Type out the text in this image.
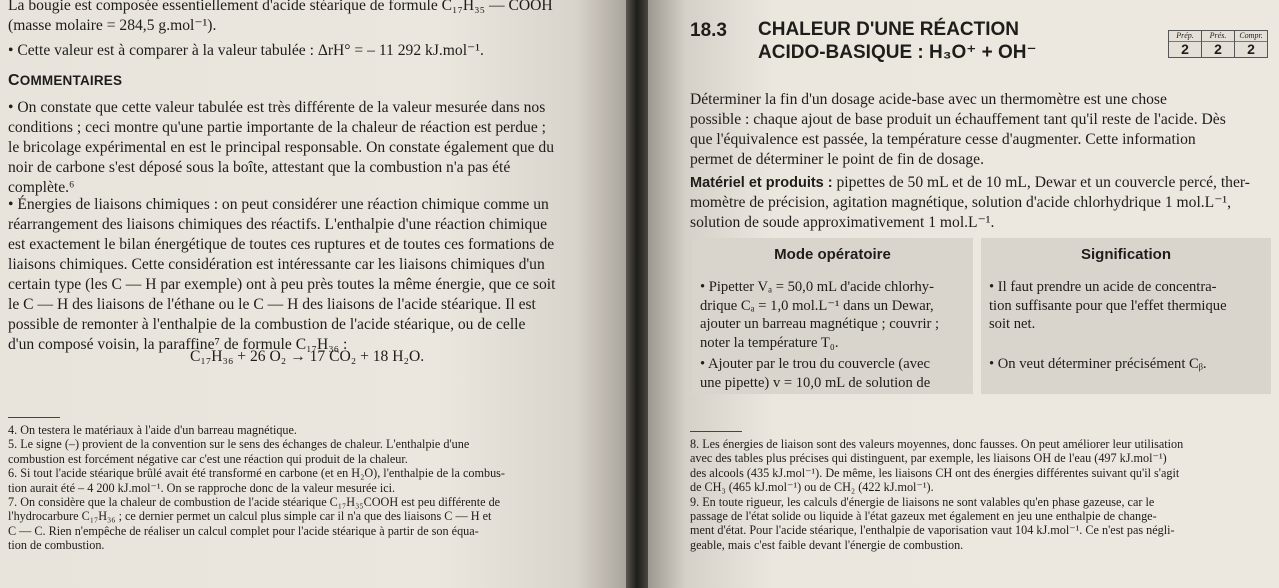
La bougie est composée essentiellement d'acide stéarique de formule C₁₇H₃₅ — COOH
(masse molaire = 284,5 g.mol⁻¹).
• Cette valeur est à comparer à la valeur tabulée : ΔrH° = – 11 292 kJ.mol⁻¹.
COMMENTAIRES
• On constate que cette valeur tabulée est très différente de la valeur mesurée dans nos
conditions ; ceci montre qu'une partie importante de la chaleur de réaction est perdue ;
le bricolage expérimental en est le principal responsable. On constate également que du
noir de carbone s'est déposé sous la boîte, attestant que la combustion n'a pas été
complète.⁶
• Énergies de liaisons chimiques : on peut considérer une réaction chimique comme un
réarrangement des liaisons chimiques des réactifs. L'enthalpie d'une réaction chimique
est exactement le bilan énergétique de toutes ces ruptures et de toutes ces formations de
liaisons chimiques. Cette considération est intéressante car les liaisons chimiques d'un
certain type (les C — H par exemple) ont à peu près toutes la même énergie, que ce soit
le C — H des liaisons de l'éthane ou le C — H des liaisons de l'acide stéarique. Il est
possible de remonter à l'enthalpie de la combustion de l'acide stéarique, ou de celle
d'un composé voisin, la paraffine⁷ de formule C₁₇H₃₆ :
C₁₇H₃₆ + 26 O₂ → 17 CO₂ + 18 H₂O.
4. On testera le matériaux à l'aide d'un barreau magnétique.
5. Le signe (–) provient de la convention sur le sens des échanges de chaleur. L'enthalpie d'une
combustion est forcément négative car c'est une réaction qui produit de la chaleur.
6. Si tout l'acide stéarique brûlé avait été transformé en carbone (et en H₂O), l'enthalpie de la combus-
tion aurait été – 4 200 kJ.mol⁻¹. On se rapproche donc de la valeur mesurée ici.
7. On considère que la chaleur de combustion de l'acide stéarique C₁₇H₃₅COOH est peu différente de
l'hydrocarbure C₁₇H₃₆ ; ce dernier permet un calcul plus simple car il n'a que des liaisons C — H et
C — C. Rien n'empêche de réaliser un calcul complet pour l'acide stéarique à partir de son équa-
tion de combustion.
18.3 CHALEUR D'UNE RÉACTION
ACIDO-BASIQUE : H₃O⁺ + OH⁻
Prép.
2
Prés.
2
Compr.
2
Déterminer la fin d'un dosage acide-base avec un thermomètre est une chose
possible : chaque ajout de base produit un échauffement tant qu'il reste de l'acide. Dès
que l'équivalence est passée, la température cesse d'augmenter. Cette information
permet de déterminer le point de fin de dosage.
Matériel et produits : pipettes de 50 mL et de 10 mL, Dewar et un couvercle percé, ther-
momètre de précision, agitation magnétique, solution d'acide chlorhydrique 1 mol.L⁻¹,
solution de soude approximativement 1 mol.L⁻¹.
Mode opératoire	Signification
• Pipetter Vₐ = 50,0 mL d'acide chlorhy-
drique Cₐ = 1,0 mol.L⁻¹ dans un Dewar,
ajouter un barreau magnétique ; couvrir ;
noter la température T₀.
• Il faut prendre un acide de concentra-
tion suffisante pour que l'effet thermique
soit net.
• Ajouter par le trou du couvercle (avec
une pipette) v = 10,0 mL de solution de
• On veut déterminer précisément Cᵦ.
8. Les énergies de liaison sont des valeurs moyennes, donc fausses. On peut améliorer leur utilisation
avec des tables plus précises qui distinguent, par exemple, les liaisons OH de l'eau (497 kJ.mol⁻¹)
des alcools (435 kJ.mol⁻¹). De même, les liaisons CH ont des énergies différentes suivant qu'il s'agit
de CH₃ (465 kJ.mol⁻¹) ou de CH₂ (422 kJ.mol⁻¹).
9. En toute rigueur, les calculs d'énergie de liaisons ne sont valables qu'en phase gazeuse, car le
passage de l'état solide ou liquide à l'état gazeux met également en jeu une enthalpie de change-
ment d'état. Pour l'acide stéarique, l'enthalpie de vaporisation vaut 104 kJ.mol⁻¹. Ce n'est pas négli-
geable, mais c'est faible devant l'énergie de combustion.
